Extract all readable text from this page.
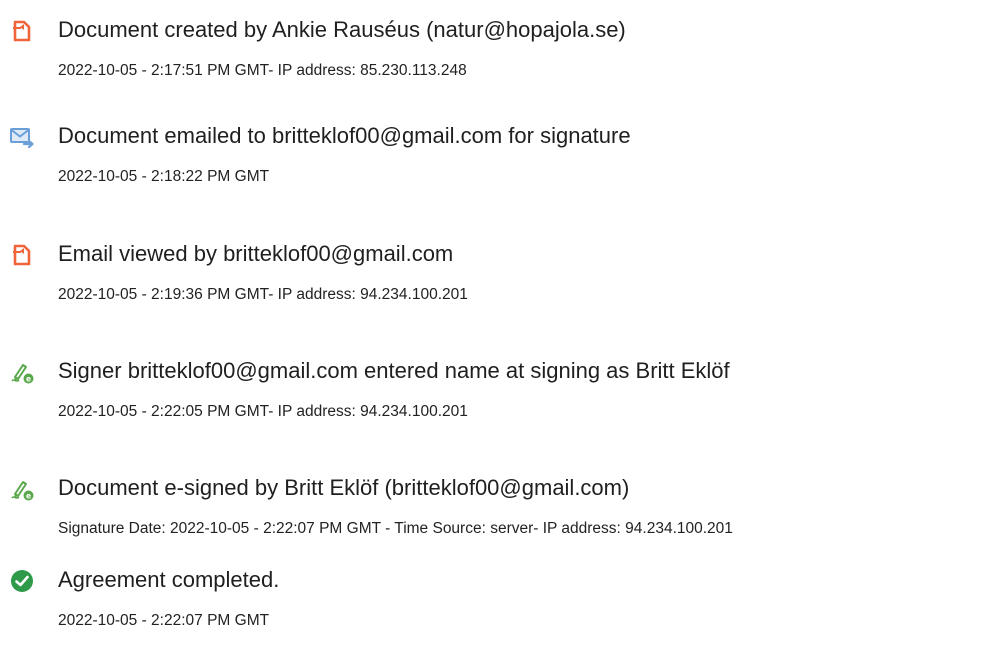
Document created by Ankie Rauséus (natur@hopajola.se)
2022-10-05 - 2:17:51 PM GMT- IP address: 85.230.113.248
Document emailed to britteklof00@gmail.com for signature
2022-10-05 - 2:18:22 PM GMT
Email viewed by britteklof00@gmail.com
2022-10-05 - 2:19:36 PM GMT- IP address: 94.234.100.201
e Signer britteklof00@gmail.com entered name at signing as Britt Eklöf
2022-10-05 - 2:22:05 PM GMT- IP address: 94.234.100.201
e Document e-signed by Britt Eklöf (britteklof00@gmail.com)
Signature Date: 2022-10-05 - 2:22:07 PM GMT - Time Source: server- IP address: 94.234.100.201
Agreement completed.
2022-10-05 - 2:22:07 PM GMT
